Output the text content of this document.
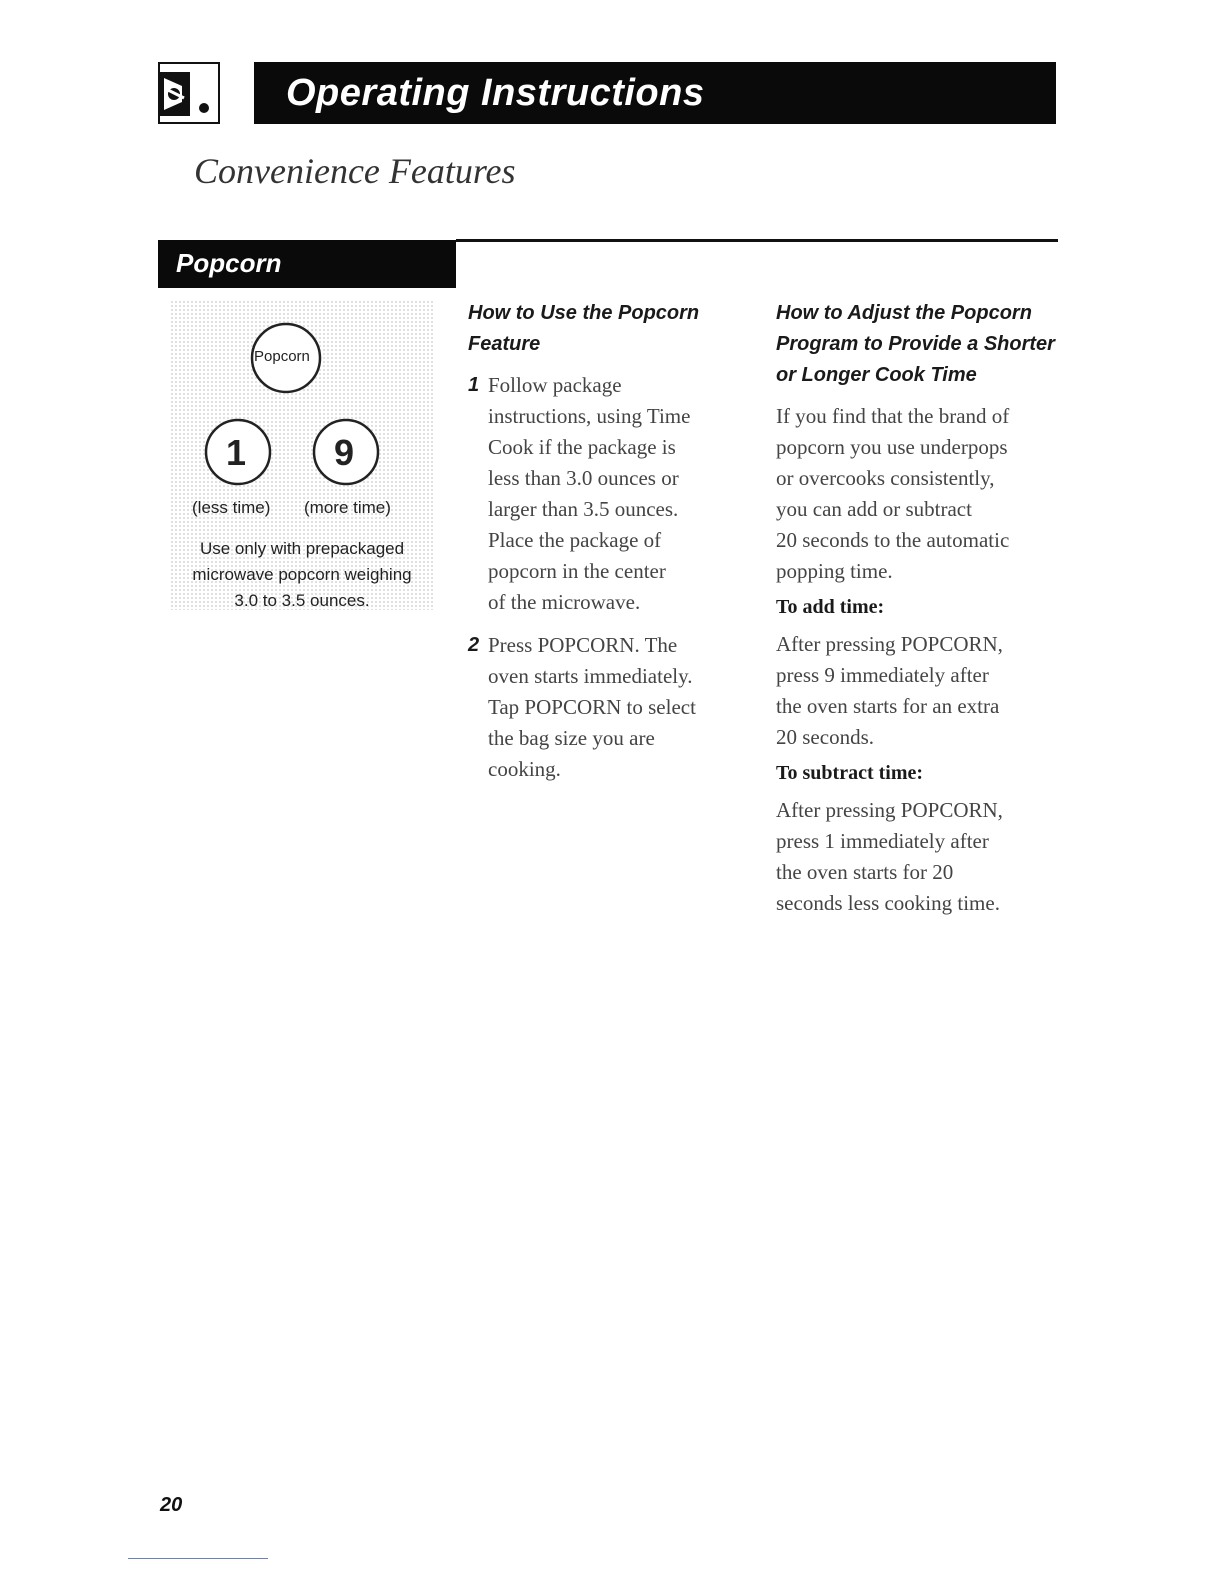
Operating Instructions
Convenience Features
Popcorn
Popcorn
1 9
(less time) (more time)
Use only with prepackaged
microwave popcorn weighing
3.0 to 3.5 ounces.
How to Use the Popcorn
Feature
1 Follow package
instructions, using Time
Cook if the package is
less than 3.0 ounces or
larger than 3.5 ounces.
Place the package of
popcorn in the center
of the microwave.
2 Press POPCORN. The
oven starts immediately.
Tap POPCORN to select
the bag size you are
cooking.
How to Adjust the Popcorn
Program to Provide a Shorter
or Longer Cook Time
If you find that the brand of
popcorn you use underpops
or overcooks consistently,
you can add or subtract
20 seconds to the automatic
popping time.
To add time:
After pressing POPCORN,
press 9 immediately after
the oven starts for an extra
20 seconds.
To subtract time:
After pressing POPCORN,
press 1 immediately after
the oven starts for 20
seconds less cooking time.
20
